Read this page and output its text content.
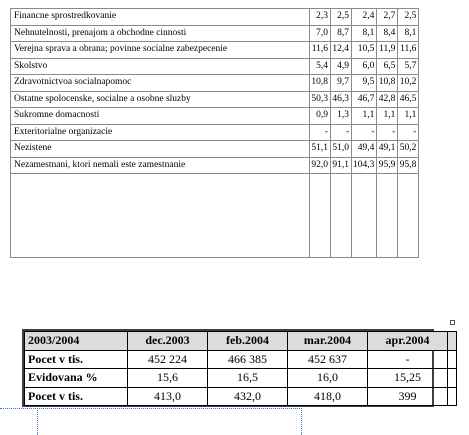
Financne sprostredkovanie	2,3	2,5	2,4	2,7	2,5
Nehnutelnosti, prenajom a obchodne cinnosti	7,0	8,7	8,1	8,4	8,1
Verejna sprava a obrana; povinne socialne zabezpecenie	11,6	12,4	10,5	11,9	11,6
Skolstvo	5,4	4,9	6,0	6,5	5,7
Zdravotnictvoa socialnapomoc	10,8	9,7	9,5	10,8	10,2
Ostatne spolocenske, socialne a osobne sluzby	50,3	46,3	46,7	42,8	46,5
Sukromne domacnosti	0,9	1,3	1,1	1,1	1,1
Exteritorialne organizacie	-	-	-	-	-
Nezistene	51,1	51,0	49,4	49,1	50,2
Nezamestnani, ktori nemali este zamestnanie	92,0	91,1	104,3	95,9	95,8

2003/2004	dec.2003	feb.2004	mar.2004	apr.2004	
Pocet v tis.	452 224	466 385	452 637	-	
Evidovana %	15,6	16,5	16,0	15,25	
Pocet v tis.	413,0	432,0	418,0	399	
